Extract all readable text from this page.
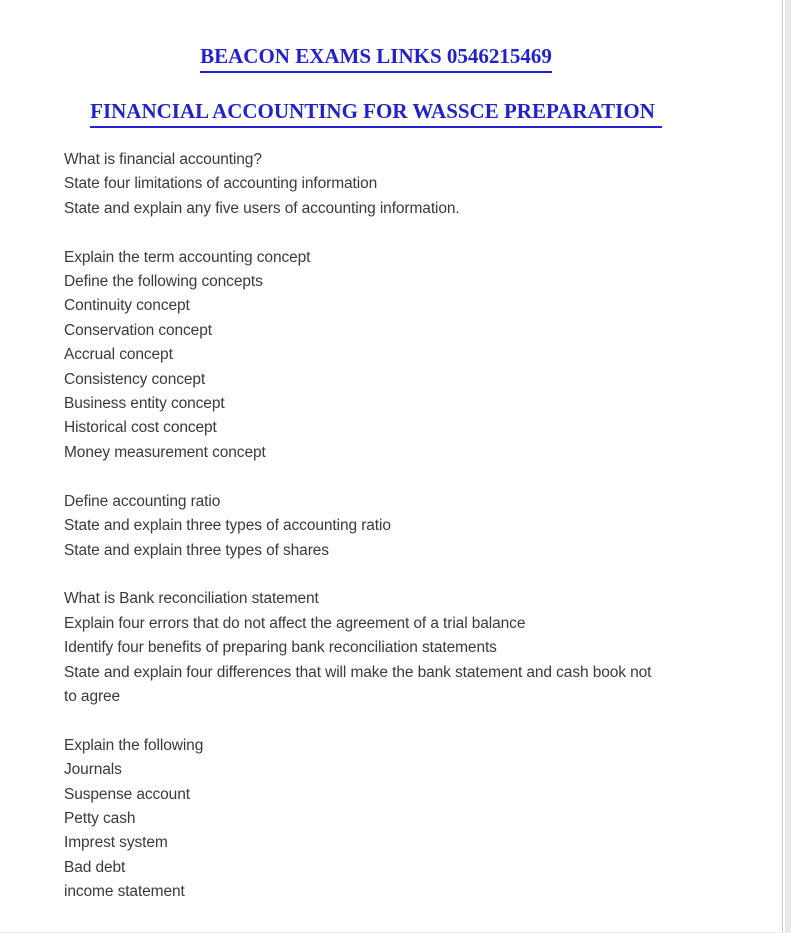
BEACON EXAMS LINKS 0546215469
FINANCIAL ACCOUNTING FOR WASSCE PREPARATION
What is financial accounting?
State four limitations of accounting information
State and explain any five users of accounting information.

Explain the term accounting concept
Define the following concepts
Continuity concept
Conservation concept
Accrual concept
Consistency concept
Business entity concept
Historical cost concept
Money measurement concept

Define accounting ratio
State and explain three types of accounting ratio
State and explain three types of shares

What is Bank reconciliation statement
Explain four errors that do not affect the agreement of a trial balance
Identify four benefits of preparing bank reconciliation statements
State and explain four differences that will make the bank statement and cash book not
to agree

Explain the following
Journals
Suspense account
Petty cash
Imprest system
Bad debt
income statement
